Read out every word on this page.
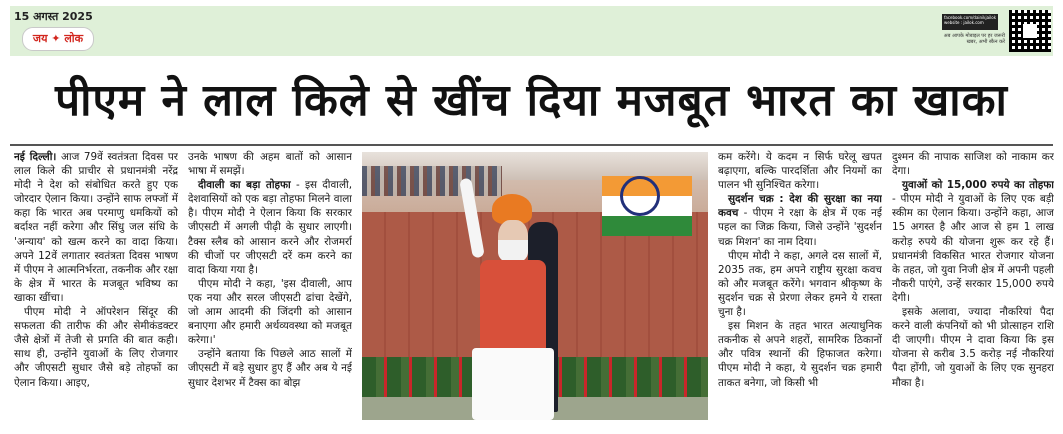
15 अगस्त 2025
जय ✦ लोक
facebook.com/dainikjailok website : jailok.com
अब आपके मोबाइल पर हर जरूरी खबर, अभी स्कैन करें
पीएम ने लाल किले से खींच दिया मजबूत भारत का खाका

नई दिल्ली। आज 79वें स्वतंत्रता दिवस पर लाल किले की प्राचीर से प्रधानमंत्री नरेंद्र मोदी ने देश को संबोधित करते हुए एक जोरदार ऐलान किया। उन्होंने साफ लफ्जों में कहा कि भारत अब परमाणु धमकियों को बर्दाश्त नहीं करेगा और सिंधु जल संधि के 'अन्याय' को खत्म करने का वादा किया। अपने 12वें लगातार स्वतंत्रता दिवस भाषण में पीएम ने आत्मनिर्भरता, तकनीक और रक्षा के क्षेत्र में भारत के मजबूत भविष्य का खाका खींचा।

पीएम मोदी ने ऑपरेशन सिंदूर की सफलता की तारीफ की और सेमीकंडक्टर जैसे क्षेत्रों में तेजी से प्रगति की बात कही। साथ ही, उन्होंने युवाओं के लिए रोजगार और जीएसटी सुधार जैसे बड़े तोहफों का ऐलान किया। आइए,

उनके भाषण की अहम बातों को आसान भाषा में समझें।

दीवाली का बड़ा तोहफा - इस दीवाली, देशवासियों को एक बड़ा तोहफा मिलने वाला है। पीएम मोदी ने ऐलान किया कि सरकार जीएसटी में अगली पीढ़ी के सुधार लाएगी। टैक्स स्लैब को आसान करने और रोजमर्रा की चीजों पर जीएसटी दरें कम करने का वादा किया गया है।

पीएम मोदी ने कहा, 'इस दीवाली, आप एक नया और सरल जीएसटी ढांचा देखेंगे, जो आम आदमी की जिंदगी को आसान बनाएगा और हमारी अर्थव्यवस्था को मजबूत करेगा।'

उन्होंने बताया कि पिछले आठ सालों में जीएसटी में बड़े सुधार हुए हैं और अब ये नई सुधार देशभर में टैक्स का बोझ

कम करेंगे। ये कदम न सिर्फ घरेलू खपत बढ़ाएगा, बल्कि पारदर्शिता और नियमों का पालन भी सुनिश्चित करेगा।

सुदर्शन चक्र : देश की सुरक्षा का नया कवच - पीएम ने रक्षा के क्षेत्र में एक नई पहल का जिक्र किया, जिसे उन्होंने 'सुदर्शन चक्र मिशन' का नाम दिया।

पीएम मोदी ने कहा, अगले दस सालों में, 2035 तक, हम अपने राष्ट्रीय सुरक्षा कवच को और मजबूत करेंगे। भगवान श्रीकृष्ण के सुदर्शन चक्र से प्रेरणा लेकर हमने ये रास्ता चुना है।

इस मिशन के तहत भारत अत्याधुनिक तकनीक से अपने शहरों, सामरिक ठिकानों और पवित्र स्थानों की हिफाजत करेगा। पीएम मोदी ने कहा, ये सुदर्शन चक्र हमारी ताकत बनेगा, जो किसी भी

दुश्मन की नापाक साजिश को नाकाम कर देगा।

युवाओं को 15,000 रुपये का तोहफा - पीएम मोदी ने युवाओं के लिए एक बड़ी स्कीम का ऐलान किया। उन्होंने कहा, आज 15 अगस्त है और आज से हम 1 लाख करोड़ रुपये की योजना शुरू कर रहे हैं। प्रधानमंत्री विकसित भारत रोजगार योजना के तहत, जो युवा निजी क्षेत्र में अपनी पहली नौकरी पाएंगे, उन्हें सरकार 15,000 रुपये देगी।

इसके अलावा, ज्यादा नौकरियां पैदा करने वाली कंपनियों को भी प्रोत्साहन राशि दी जाएगी। पीएम ने दावा किया कि इस योजना से करीब 3.5 करोड़ नई नौकरियां पैदा होंगी, जो युवाओं के लिए एक सुनहरा मौका है।
